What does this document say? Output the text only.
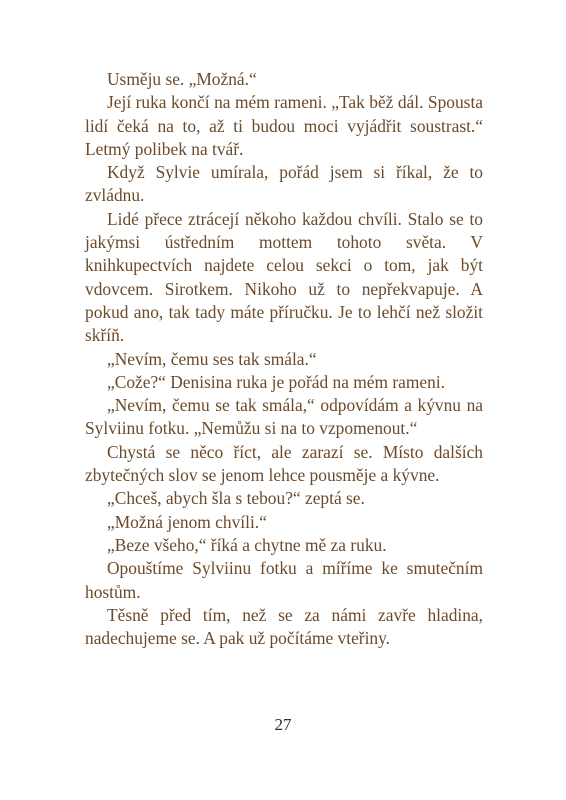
Usměju se. „Možná.“

Její ruka končí na mém rameni. „Tak běž dál. Spousta lidí čeká na to, až ti budou moci vyjádřit soustrast.“ Letmý polibek na tvář.

Když Sylvie umírala, pořád jsem si říkal, že to zvládnu.

Lidé přece ztrácejí někoho každou chvíli. Stalo se to jakýmsi ústředním mottem tohoto světa. V knihkupectvích najdete celou sekci o tom, jak být vdovcem. Sirotkem. Nikoho už to nepřekvapuje. A pokud ano, tak tady máte příručku. Je to lehčí než složit skříň.

„Nevím, čemu ses tak smála.“

„Cože?“ Denisina ruka je pořád na mém rameni.

„Nevím, čemu se tak smála,“ odpovídám a kývnu na Sylviinu fotku. „Nemůžu si na to vzpomenout.“

Chystá se něco říct, ale zarazí se. Místo dalších zbytečných slov se jenom lehce pousměje a kývne.

„Chceš, abych šla s tebou?“ zeptá se.

„Možná jenom chvíli.“

„Beze všeho,“ říká a chytne mě za ruku.

Opouštíme Sylviinu fotku a míříme ke smutečním hostům.

Těsně před tím, než se za námi zavře hladina, nadechujeme se. A pak už počítáme vteřiny.

27
